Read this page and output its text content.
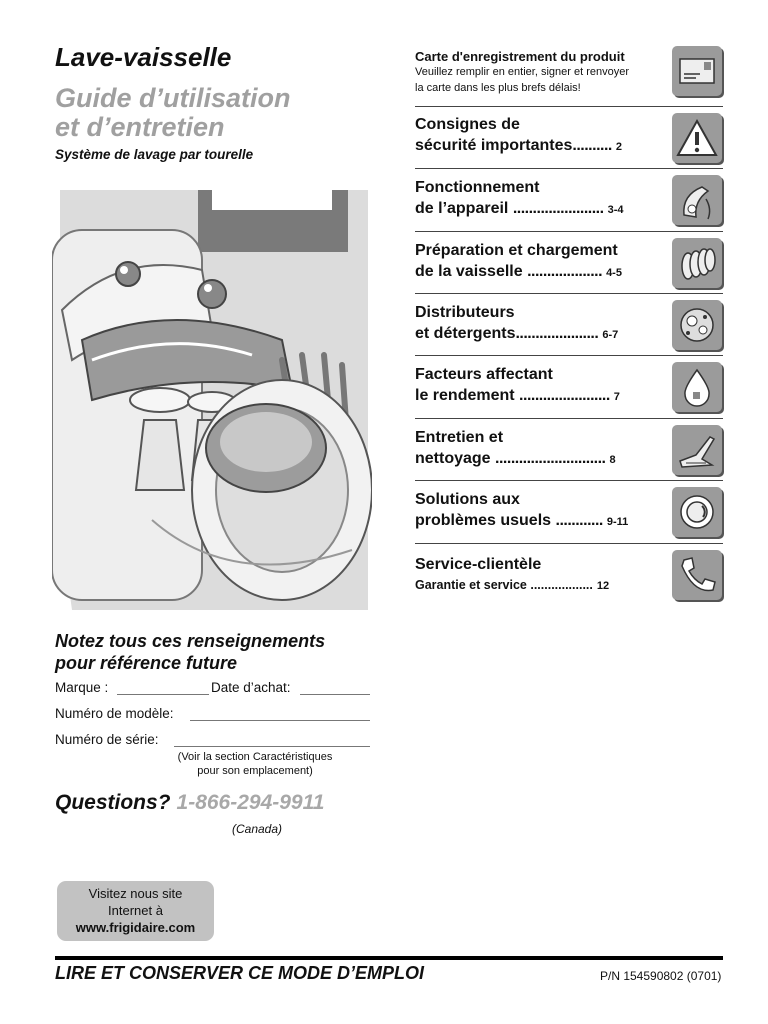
Lave-vaisselle
Guide d’utilisation
et d’entretien
Système de lavage par tourelle
Carte d'enregistrement du produit
Veuillez remplir en entier, signer et renvoyer
la carte dans les plus brefs délais!
Consignes de
sécurité importantes.......... 2
Fonctionnement
de l’appareil ....................... 3-4
Préparation et chargement
de la vaisselle ................... 4-5
Distributeurs
et détergents..................... 6-7
Facteurs affectant
le rendement ....................... 7
Entretien et
nettoyage ............................ 8
Solutions aux
problèmes usuels ............ 9-11
Service-clientèle
Garantie et service .................. 12
Notez tous ces renseignements
pour référence future
Marque :	Date d’achat:
Numéro de modèle:
Numéro de série:
(Voir la section Caractéristiques
pour son emplacement)
Questions? 1-866-294-9911
(Canada)
Visitez nous site
Internet à
www.frigidaire.com
LIRE ET CONSERVER CE MODE D’EMPLOI	P/N 154590802 (0701)
